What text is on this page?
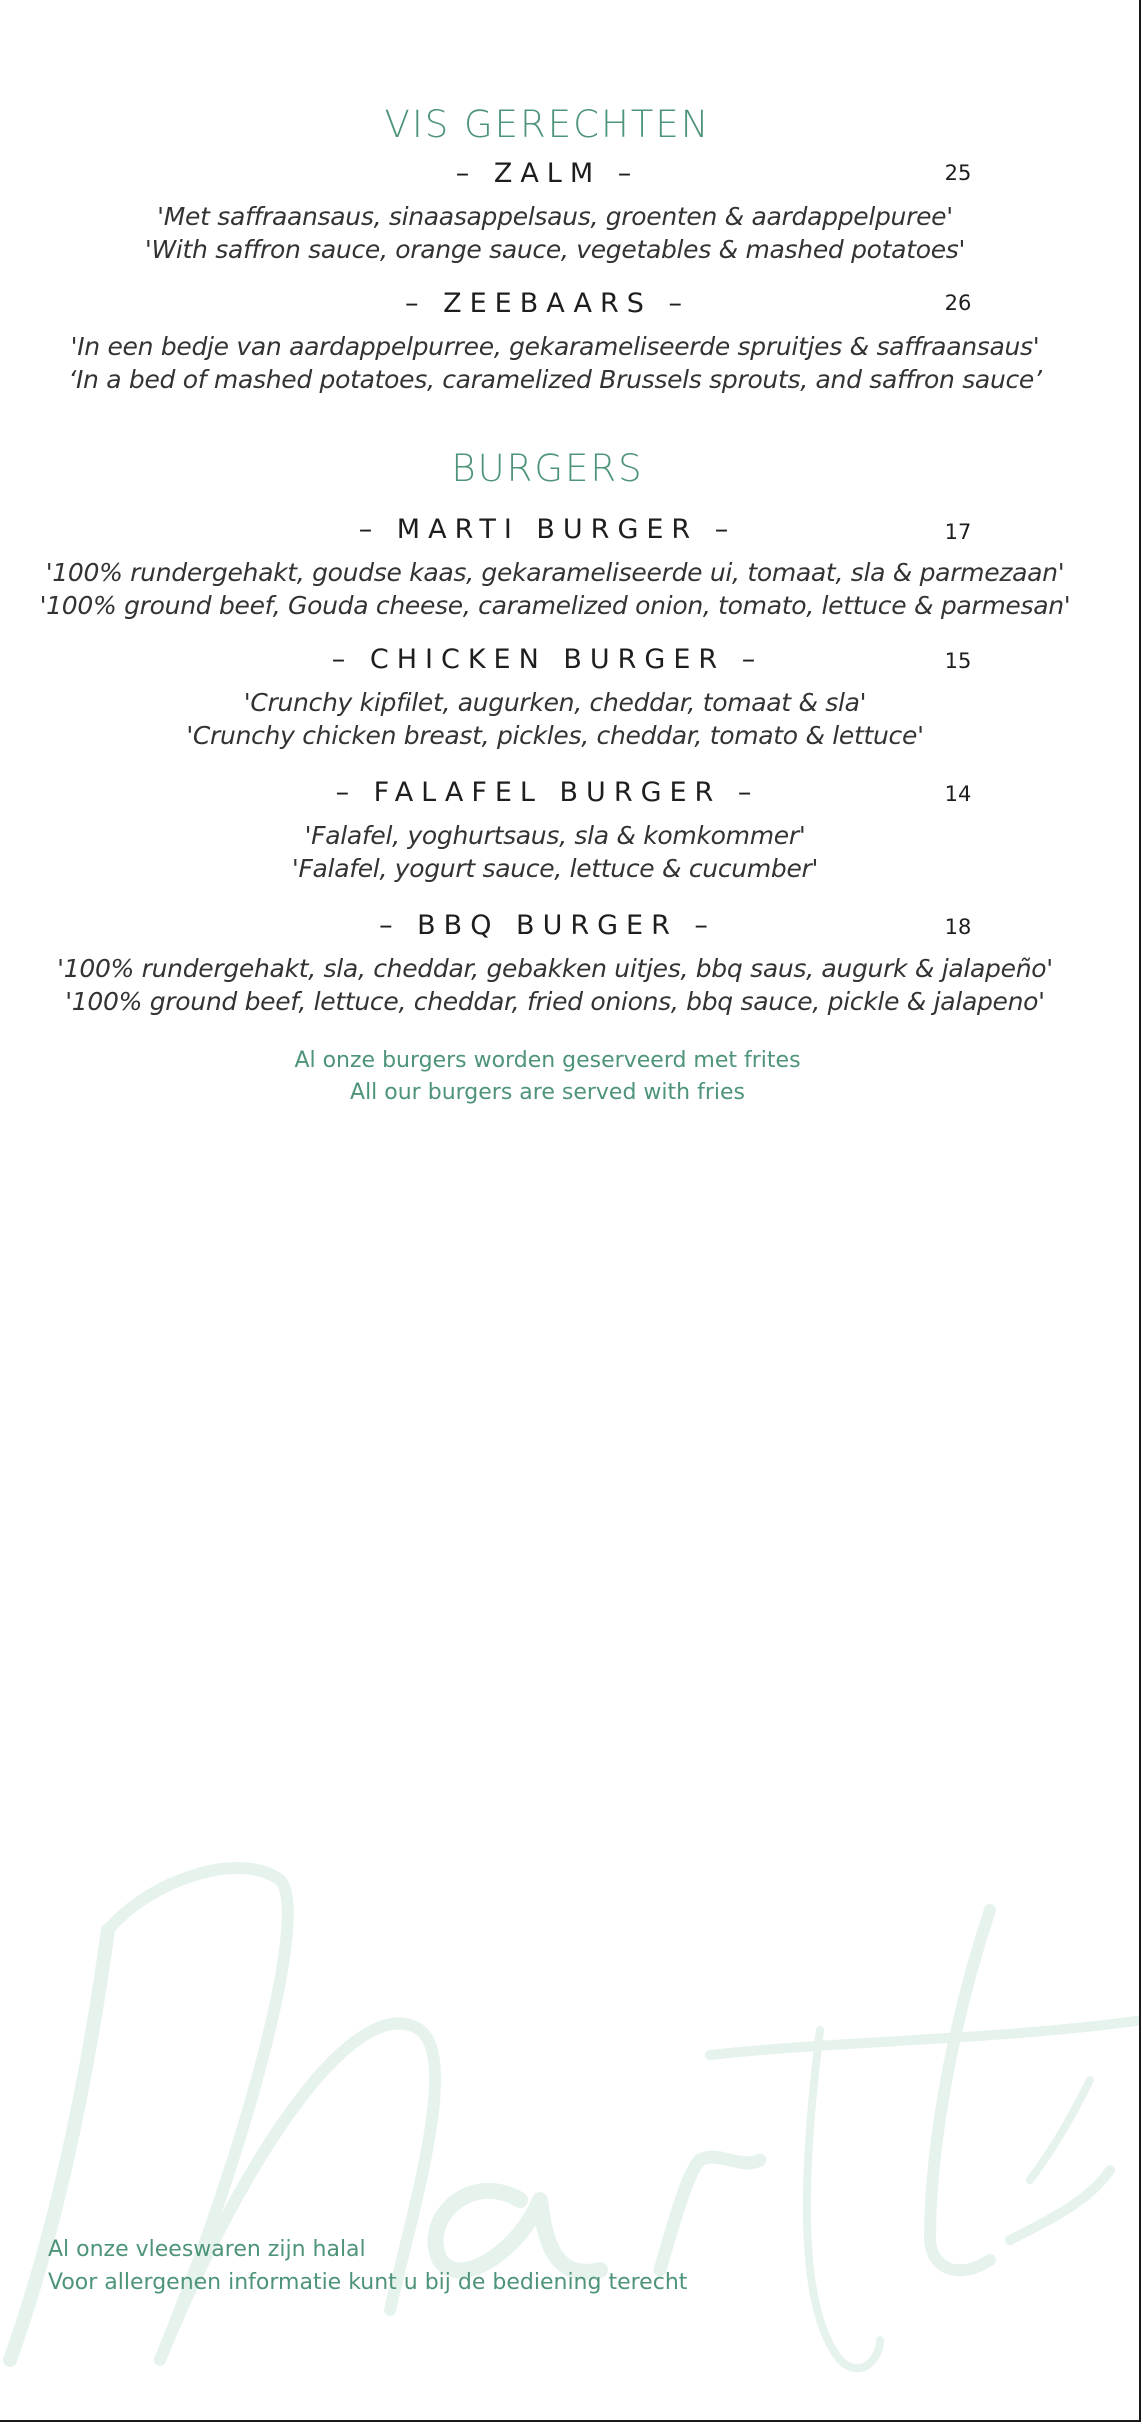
VIS GERECHTEN
– ZALM –	25
'Met saffraansaus, sinaasappelsaus, groenten & aardappelpuree'
'With saffron sauce, orange sauce, vegetables & mashed potatoes'
– ZEEBAARS –	26
'In een bedje van aardappelpurree, gekarameliseerde spruitjes & saffraansaus'
‘In a bed of mashed potatoes, caramelized Brussels sprouts, and saffron sauce’
BURGERS
– MARTI BURGER –	17
'100% rundergehakt, goudse kaas, gekarameliseerde ui, tomaat, sla & parmezaan'
'100% ground beef, Gouda cheese, caramelized onion, tomato, lettuce & parmesan'
– CHICKEN BURGER –	15
'Crunchy kipfilet, augurken, cheddar, tomaat & sla'
'Crunchy chicken breast, pickles, cheddar, tomato & lettuce'
– FALAFEL BURGER –	14
'Falafel, yoghurtsaus, sla & komkommer'
'Falafel, yogurt sauce, lettuce & cucumber'
– BBQ BURGER –	18
'100% rundergehakt, sla, cheddar, gebakken uitjes, bbq saus, augurk & jalapeño'
'100% ground beef, lettuce, cheddar, fried onions, bbq sauce, pickle & jalapeno'
Al onze burgers worden geserveerd met frites
All our burgers are served with fries
Al onze vleeswaren zijn halal
Voor allergenen informatie kunt u bij de bediening terecht
